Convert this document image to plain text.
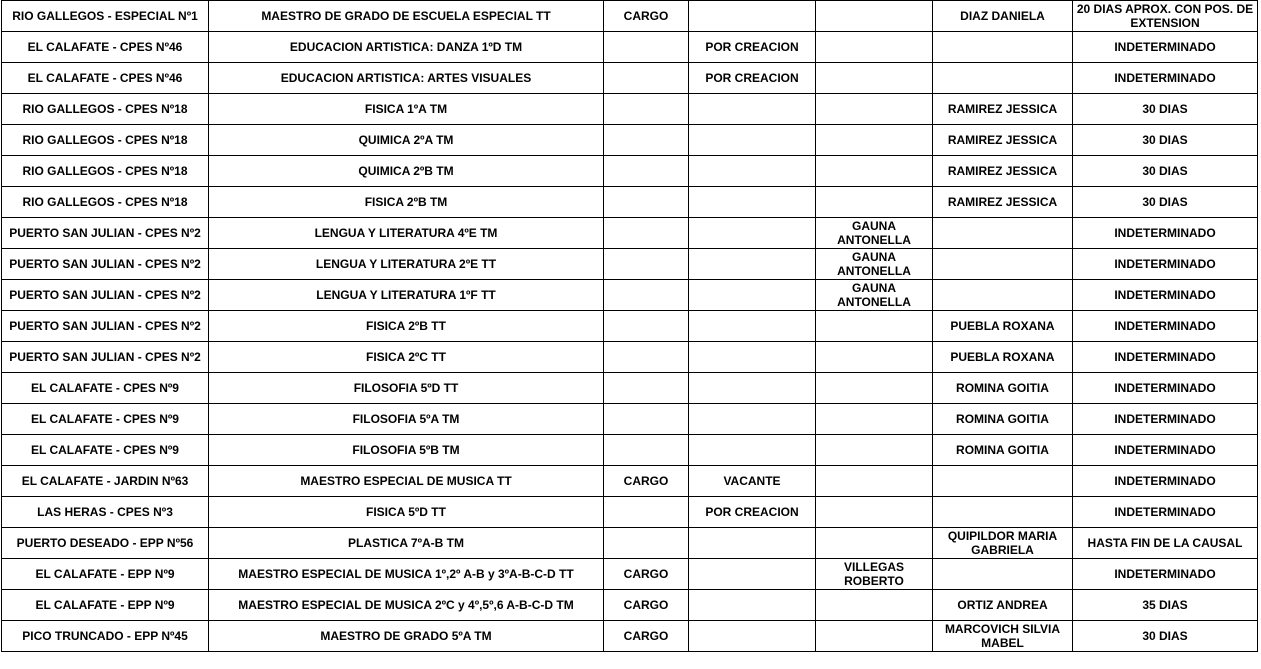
RIO GALLEGOS - ESPECIAL Nº1	MAESTRO DE GRADO DE ESCUELA ESPECIAL TT	CARGO			DIAZ DANIELA	20 DIAS APROX. CON POS. DE EXTENSION
EL CALAFATE - CPES Nº46	EDUCACION ARTISTICA: DANZA 1ºD TM		POR CREACION			INDETERMINADO
EL CALAFATE - CPES Nº46	EDUCACION ARTISTICA: ARTES VISUALES		POR CREACION			INDETERMINADO
RIO GALLEGOS - CPES Nº18	FISICA 1ºA TM				RAMIREZ JESSICA	30 DIAS
RIO GALLEGOS - CPES Nº18	QUIMICA 2ºA TM				RAMIREZ JESSICA	30 DIAS
RIO GALLEGOS - CPES Nº18	QUIMICA 2ºB TM				RAMIREZ JESSICA	30 DIAS
RIO GALLEGOS - CPES Nº18	FISICA 2ºB TM				RAMIREZ JESSICA	30 DIAS
PUERTO SAN JULIAN - CPES Nº2	LENGUA Y LITERATURA 4ºE TM			GAUNA ANTONELLA		INDETERMINADO
PUERTO SAN JULIAN - CPES Nº2	LENGUA Y LITERATURA 2ºE TT			GAUNA ANTONELLA		INDETERMINADO
PUERTO SAN JULIAN - CPES Nº2	LENGUA Y LITERATURA 1ºF TT			GAUNA ANTONELLA		INDETERMINADO
PUERTO SAN JULIAN - CPES Nº2	FISICA 2ºB TT				PUEBLA ROXANA	INDETERMINADO
PUERTO SAN JULIAN - CPES Nº2	FISICA 2ºC TT				PUEBLA ROXANA	INDETERMINADO
EL CALAFATE - CPES Nº9	FILOSOFIA 5ºD TT				ROMINA GOITIA	INDETERMINADO
EL CALAFATE - CPES Nº9	FILOSOFIA 5ºA TM				ROMINA GOITIA	INDETERMINADO
EL CALAFATE - CPES Nº9	FILOSOFIA 5ºB TM				ROMINA GOITIA	INDETERMINADO
EL CALAFATE - JARDIN Nº63	MAESTRO ESPECIAL DE MUSICA TT	CARGO	VACANTE			INDETERMINADO
LAS HERAS - CPES Nº3	FISICA 5ºD TT		POR CREACION			INDETERMINADO
PUERTO DESEADO - EPP Nº56	PLASTICA 7ºA-B TM				QUIPILDOR MARIA GABRIELA	HASTA FIN DE LA CAUSAL
EL CALAFATE - EPP Nº9	MAESTRO ESPECIAL DE MUSICA 1º,2º A-B y 3ºA-B-C-D TT	CARGO		VILLEGAS ROBERTO		INDETERMINADO
EL CALAFATE - EPP Nº9	MAESTRO ESPECIAL DE MUSICA 2ºC y 4º,5º,6 A-B-C-D TM	CARGO			ORTIZ ANDREA	35 DIAS
PICO TRUNCADO - EPP Nº45	MAESTRO DE GRADO 5ºA TM	CARGO			MARCOVICH SILVIA MABEL	30 DIAS
